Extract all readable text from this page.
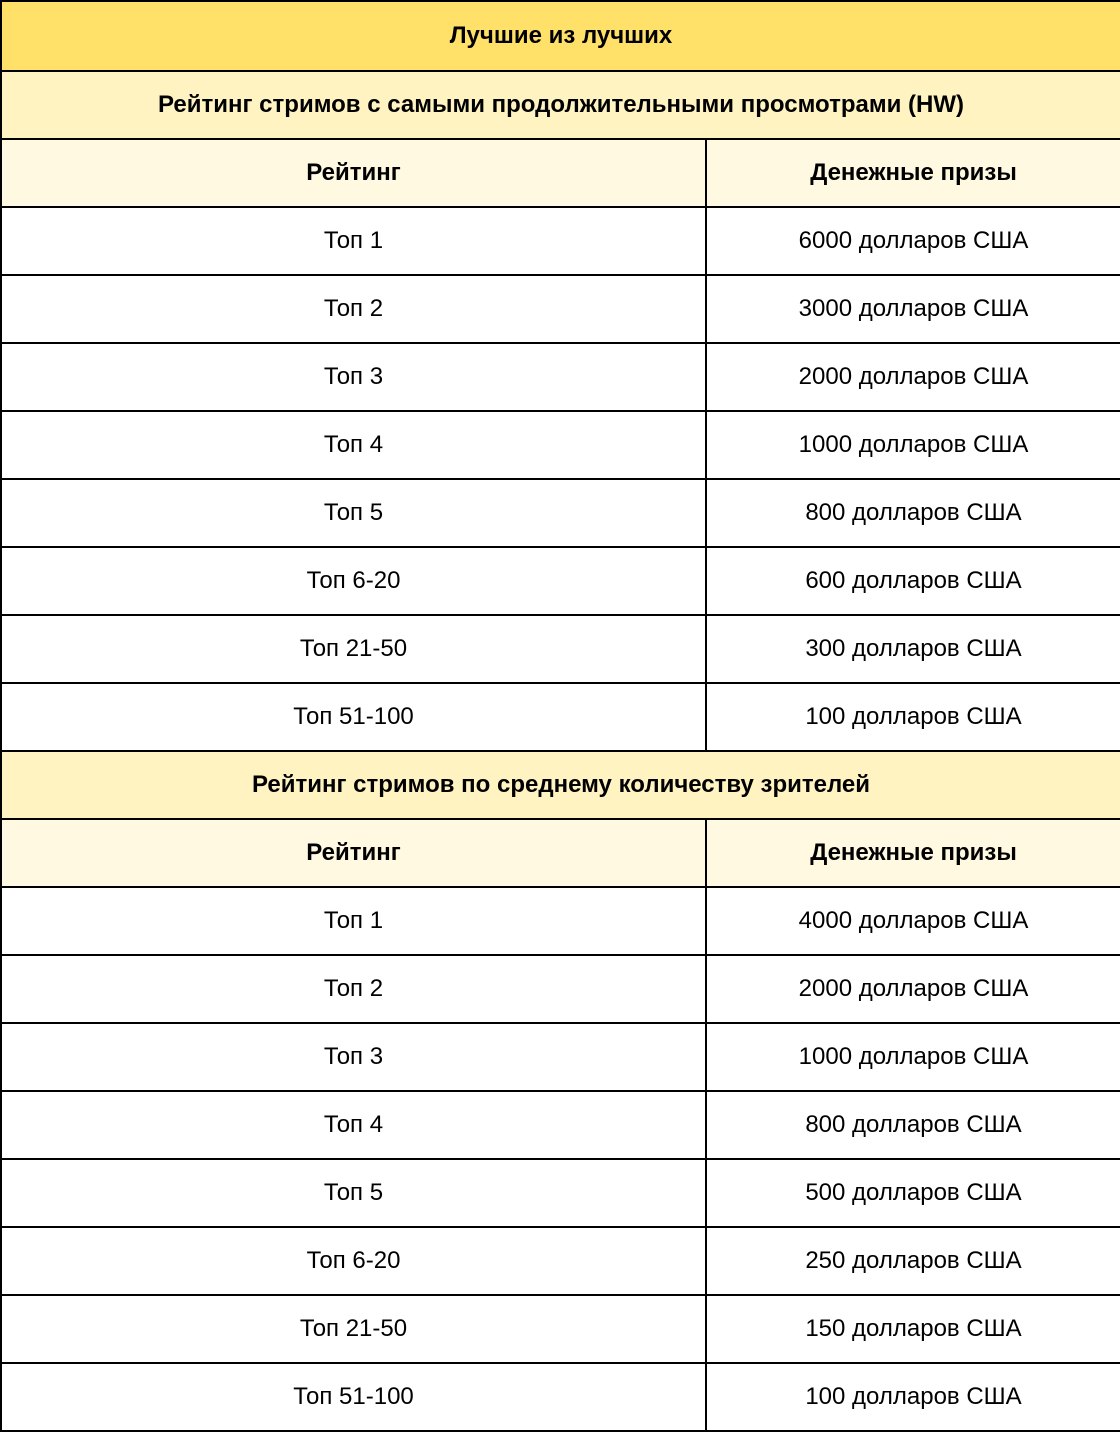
Лучшие из лучших	
Рейтинг стримов с самыми продолжительными просмотрами (HW)	
Рейтинг	Денежные призы
Топ 1	6000 долларов США
Топ 2	3000 долларов США
Топ 3	2000 долларов США
Топ 4	1000 долларов США
Топ 5	800 долларов США
Топ 6-20	600 долларов США
Топ 21-50	300 долларов США
Топ 51-100	100 долларов США
Рейтинг стримов по среднему количеству зрителей	
Рейтинг	Денежные призы
Топ 1	4000 долларов США
Топ 2	2000 долларов США
Топ 3	1000 долларов США
Топ 4	800 долларов США
Топ 5	500 долларов США
Топ 6-20	250 долларов США
Топ 21-50	150 долларов США
Топ 51-100	100 долларов США
